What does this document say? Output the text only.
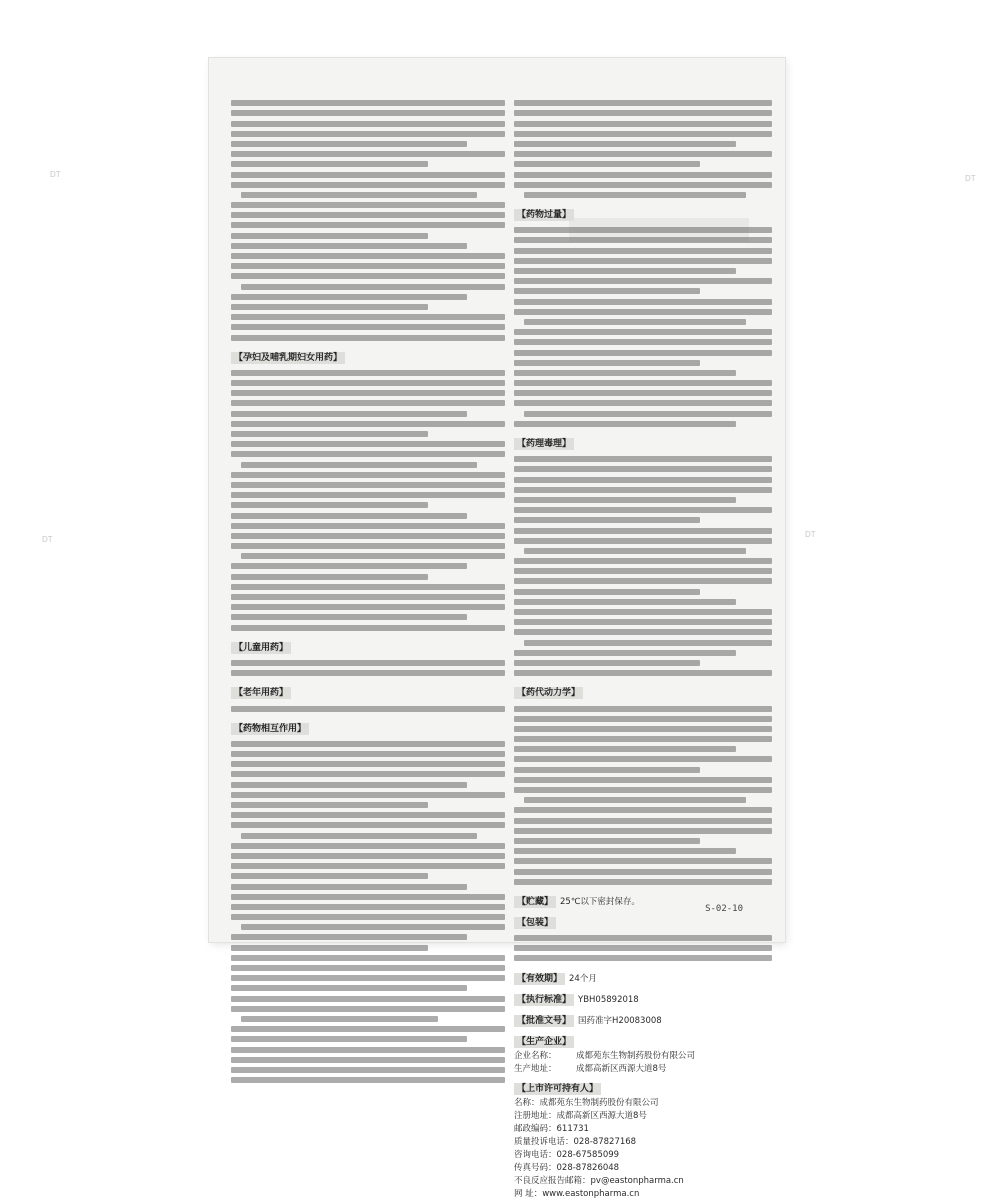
DT	DT
DT
DT
【孕妇及哺乳期妇女用药】
【儿童用药】
【老年用药】
【药物相互作用】
【药物过量】
【药理毒理】
【药代动力学】
【贮藏】 25℃以下密封保存。
【包装】
【有效期】 24个月
【执行标准】 YBH05892018
【批准文号】 国药准字H20083008
【生产企业】
企业名称： 成都苑东生物制药股份有限公司
生产地址： 成都高新区西源大道8号
【上市许可持有人】
名称：成都苑东生物制药股份有限公司
注册地址：成都高新区西源大道8号
邮政编码：611731
质量投诉电话：028-87827168
咨询电话：028-67585099
传真号码：028-87826048
不良反应报告邮箱：pv@eastonpharma.cn
网 址：www.eastonpharma.cn
S-02-10
